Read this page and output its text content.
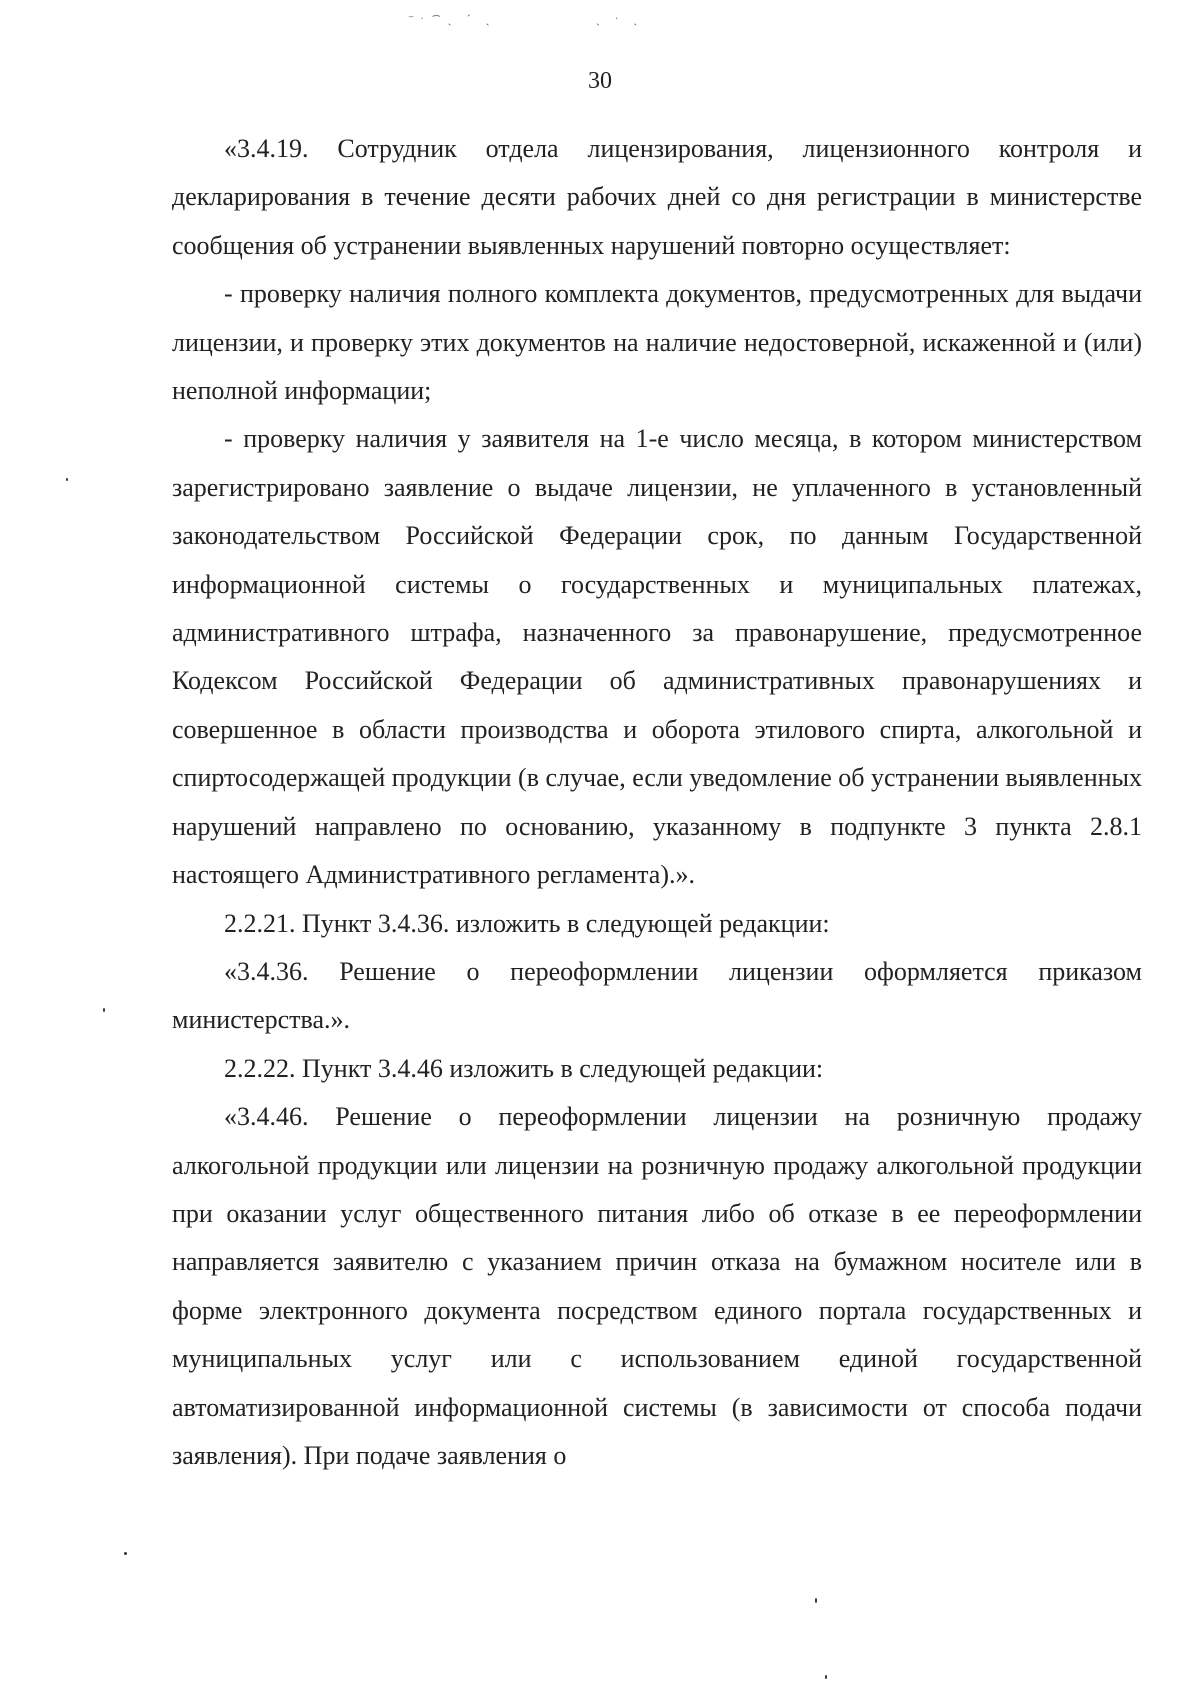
⁻ˑ ͡ ˏ ´ ˏ	ˎ ˑ ˏ
30

«3.4.19. Сотрудник отдела лицензирования, лицензионного контроля и декларирования в течение десяти рабочих дней со дня регистрации в министерстве сообщения об устранении выявленных нарушений повторно осуществляет:

- проверку наличия полного комплекта документов, предусмотренных для выдачи лицензии, и проверку этих документов на наличие недостоверной, искаженной и (или) неполной информации;

- проверку наличия у заявителя на 1-е число месяца, в котором министерством зарегистрировано заявление о выдаче лицензии, не уплаченного в установленный законодательством Российской Федерации срок, по данным Государственной информационной системы о государственных и муниципальных платежах, административного штрафа, назначенного за правонарушение, предусмотренное Кодексом Российской Федерации об административных правонарушениях и совершенное в области производства и оборота этилового спирта, алкогольной и спиртосодержащей продукции (в случае, если уведомление об устранении выявленных нарушений направлено по основанию, указанному в подпункте 3 пункта 2.8.1 настоящего Административного регламента).».

2.2.21. Пункт 3.4.36. изложить в следующей редакции:

«3.4.36. Решение о переоформлении лицензии оформляется приказом министерства.».

2.2.22. Пункт 3.4.46 изложить в следующей редакции:

«3.4.46. Решение о переоформлении лицензии на розничную продажу алкогольной продукции или лицензии на розничную продажу алкогольной продукции при оказании услуг общественного питания либо об отказе в ее переоформлении направляется заявителю с указанием причин отказа на бумажном носителе или в форме электронного документа посредством единого портала государственных и муниципальных услуг или с использованием единой государственной автоматизированной информационной системы (в зависимости от способа подачи заявления). При подаче заявления о
